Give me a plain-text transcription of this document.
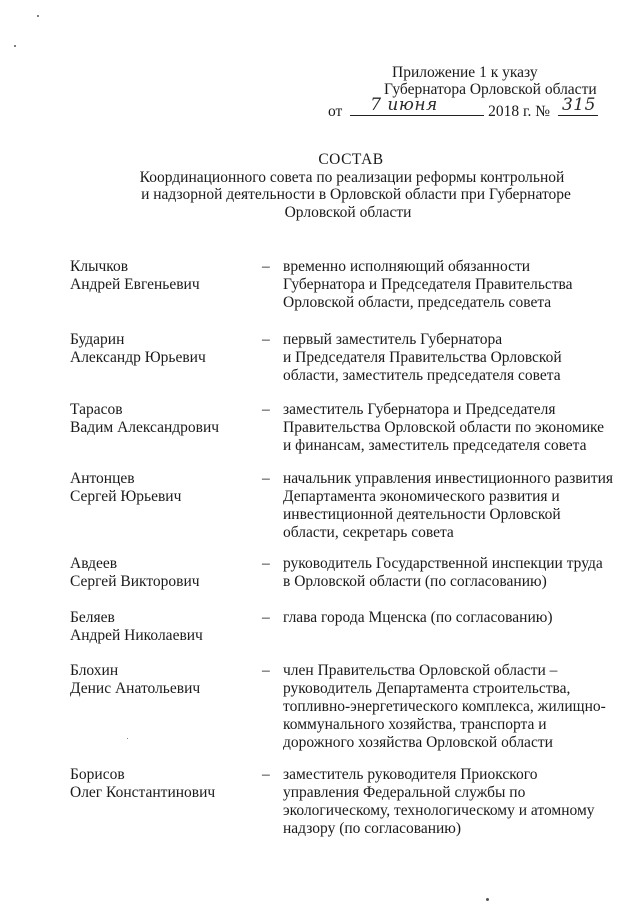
Приложение 1 к указу
Губернатора Орловской области
от 7 июня	2018 г. № 315
СОСТАВ
Координационного совета по реализации реформы контрольной
и надзорной деятельности в Орловской области при Губернаторе
Орловской области
Клычков
Андрей Евгеньевич
– временно исполняющий обязанности
Губернатора и Председателя Правительства
Орловской области, председатель совета
Бударин
Александр Юрьевич
– первый заместитель Губернатора
и Председателя Правительства Орловской
области, заместитель председателя совета
Тарасов
Вадим Александрович
– заместитель Губернатора и Председателя
Правительства Орловской области по экономике
и финансам, заместитель председателя совета
Антонцев
Сергей Юрьевич
– начальник управления инвестиционного развития
Департамента экономического развития и
инвестиционной деятельности Орловской
области, секретарь совета
Авдеев
Сергей Викторович
– руководитель Государственной инспекции труда
в Орловской области (по согласованию)
Беляев
Андрей Николаевич
– глава города Мценска (по согласованию)
Блохин
Денис Анатольевич
– член Правительства Орловской области –
руководитель Департамента строительства,
топливно-энергетического комплекса, жилищно-
коммунального хозяйства, транспорта и
дорожного хозяйства Орловской области
Борисов
Олег Константинович
– заместитель руководителя Приокского
управления Федеральной службы по
экологическому, технологическому и атомному
надзору (по согласованию)
